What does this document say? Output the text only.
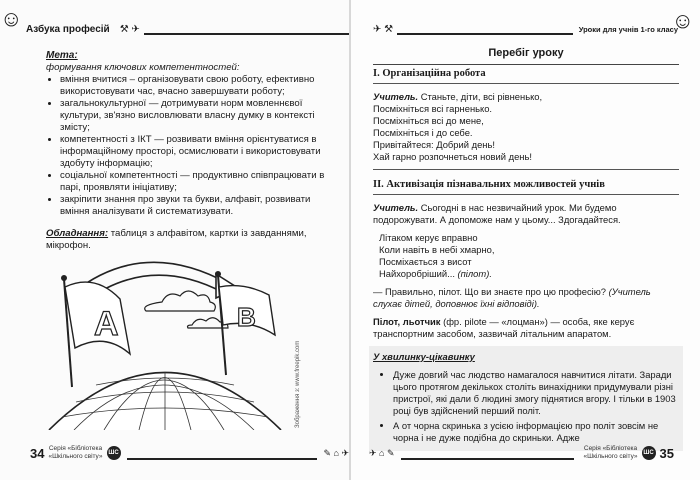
☺ Азбука професій	⚒ ✈
Мета:
формування ключових компетентностей:
• вміння вчитися – організовувати свою роботу, ефективно використовувати час, вчасно завершувати роботу;
• загальнокультурної — дотримувати норм мовленнєвої культури, зв'язно висловлювати власну думку в контексті змісту;
• компетентності з ІКТ — розвивати вміння орієнтуватися в інформаційному просторі, осмислювати і використовувати здобуту інформацію;
• соціальної компетентності — продуктивно співпрацювати в парі, проявляти ініціативу;
• закріпити знання про звуки та букви, алфавіт, розвивати вміння аналізувати й систематизувати.
Обладнання: таблиця з алфавітом, картки із завданнями, мікрофон.
А	В
Зображення з: www.freepik.com
34 Серія «Бібліотека
«Шкільного світу» ШС	✎ ⌂ ✈
✈ ⚒	Уроки для учнів 1-го класу
☺
Перебіг уроку
I. Організаційна робота
Учитель. Станьте, діти, всі рівненько,
Посміхніться всі гарненько.
Посміхніться всі до мене,
Посміхніться і до себе.
Привітайтеся: Добрий день!
Хай гарно розпочнеться новий день!
II. Активізація пізнавальних можливостей учнів

Учитель. Сьогодні в нас незвичайний урок. Ми будемо подорожувати. А допоможе нам у цьому... Здогадайтеся.

Літаком керує вправно
Коли навіть в небі хмарно,
Посміхається з висот
Найхоробріший... (пілот).

— Правильно, пілот. Що ви знаєте про цю професію? (Учитель слухає дітей, доповнює їхні відповіді).

Пілот, льотчик (фр. pilote — «лоцман») — особа, яке керує транспортним засобом, зазвичай літальним апаратом.

У хвилинку-цікавинку
• Дуже довгий час людство намагалося навчитися літати. Заради цього протягом декількох століть винахідники придумували різні пристрої, які дали б людині змогу піднятися вгору. І тільки в 1903 році був здійснений перший політ.
• А от чорна скринька з усією інформацією про політ зовсім не чорна і не дуже подібна до скриньки. Адже
✈ ⌂ ✎	Серія «Бібліотека
«Шкільного світу» ШС 35
